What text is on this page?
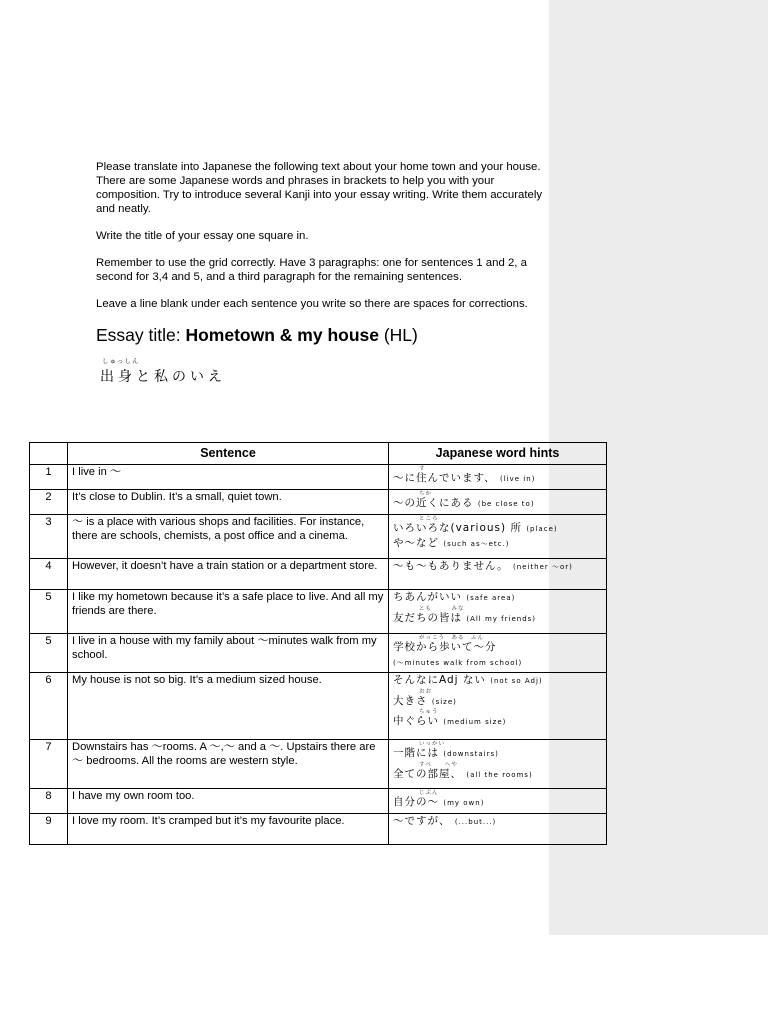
Please translate into Japanese the following text about your home town and your house. There are some Japanese words and phrases in brackets to help you with your composition. Try to introduce several Kanji into your essay writing. Write them accurately and neatly.

Write the title of your essay one square in.

Remember to use the grid correctly. Have 3 paragraphs: one for sentences 1 and 2, a second for 3,4 and 5, and a third paragraph for the remaining sentences.

Leave a line blank under each sentence you write so there are spaces for corrections.

Essay title: Hometown & my house (HL)
しゅっしん
出身と私のいえ
	Sentence	Japanese word hints
1	I live in ～	す
～に住んでいます、 (live in)

2	It’s close to Dublin. It’s a small, quiet town.	ちか
～の近くにある (be close to)

3	～ is a place with various shops and facilities. For instance, there are schools, chemists, a post office and a cinema.	ところ
いろいろな(various) 所 (place)
や～など (such as～etc.)

4	However, it doesn’t have a train station or a department store.	～も～もありません。 (neither ～or)

5	I like my hometown because it’s a safe place to live. And all my friends are there.	ちあんがいい (safe area)
とも　　　みな
友だちの皆は (All my friends)

5	I live in a house with my family about ～minutes walk from my school.	がっこう　ある　ふん
学校から歩いて～分
(～minutes walk from school)

6	My house is not so big. It’s a medium sized house.	そんなにAdj ない (not so Adj)
おお
大きさ (size)
ちゅう
中ぐらい (medium size)

7	Downstairs has ～rooms. A ～,～ and a ～. Upstairs there are ～ bedrooms. All the rooms are western style.	いっかい
一階には (downstairs)
すべ　　へや
全ての部屋、 (all the rooms)

8	I have my own room too.	じぶん
自分の～ (my own)

9	I love my room. It’s cramped but it’s my favourite place.	～ですが、 (...but...)
